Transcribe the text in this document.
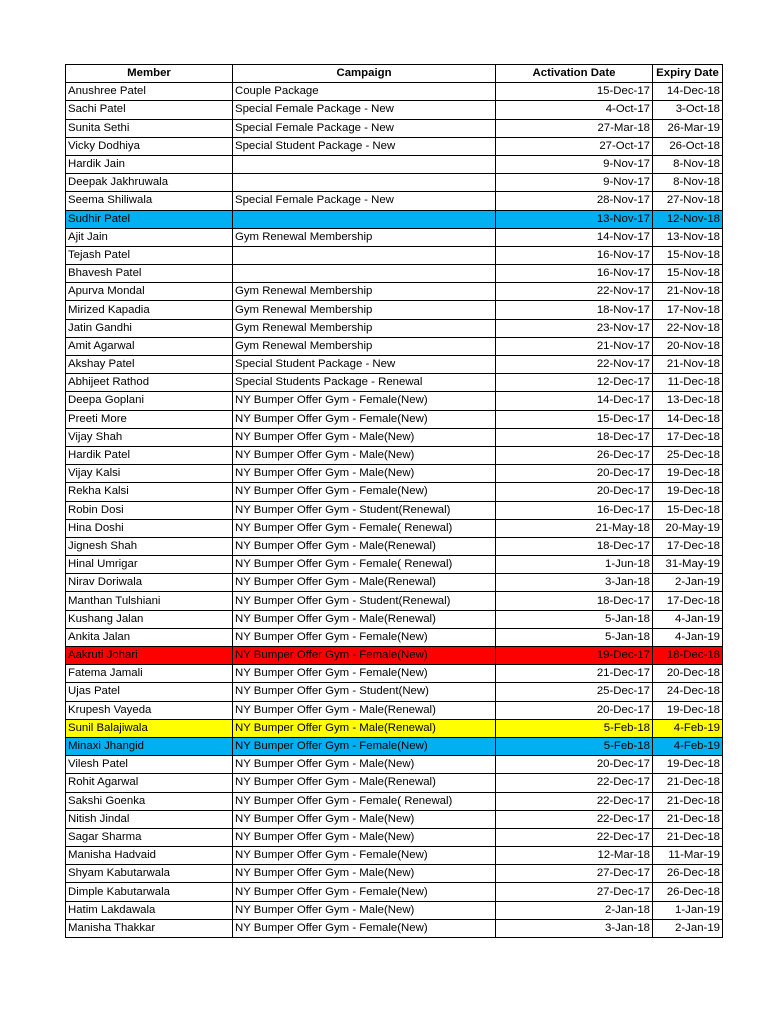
Member	Campaign	Activation Date	Expiry Date
Anushree Patel	Couple Package	15-Dec-17	14-Dec-18
Sachi Patel	Special Female Package - New	4-Oct-17	3-Oct-18
Sunita Sethi	Special Female Package - New	27-Mar-18	26-Mar-19
Vicky Dodhiya	Special Student Package - New	27-Oct-17	26-Oct-18
Hardik Jain		9-Nov-17	8-Nov-18
Deepak Jakhruwala		9-Nov-17	8-Nov-18
Seema Shiliwala	Special Female Package - New	28-Nov-17	27-Nov-18
Sudhir Patel		13-Nov-17	12-Nov-18
Ajit Jain	Gym Renewal Membership	14-Nov-17	13-Nov-18
Tejash Patel		16-Nov-17	15-Nov-18
Bhavesh Patel		16-Nov-17	15-Nov-18
Apurva Mondal	Gym Renewal Membership	22-Nov-17	21-Nov-18
Mirized Kapadia	Gym Renewal Membership	18-Nov-17	17-Nov-18
Jatin Gandhi	Gym Renewal Membership	23-Nov-17	22-Nov-18
Amit Agarwal	Gym Renewal Membership	21-Nov-17	20-Nov-18
Akshay Patel	Special Student Package - New	22-Nov-17	21-Nov-18
Abhijeet Rathod	Special Students Package - Renewal	12-Dec-17	11-Dec-18
Deepa Goplani	NY Bumper Offer Gym - Female(New)	14-Dec-17	13-Dec-18
Preeti More	NY Bumper Offer Gym - Female(New)	15-Dec-17	14-Dec-18
Vijay Shah	NY Bumper Offer Gym - Male(New)	18-Dec-17	17-Dec-18
Hardik Patel	NY Bumper Offer Gym - Male(New)	26-Dec-17	25-Dec-18
Vijay Kalsi	NY Bumper Offer Gym - Male(New)	20-Dec-17	19-Dec-18
Rekha Kalsi	NY Bumper Offer Gym - Female(New)	20-Dec-17	19-Dec-18
Robin Dosi	NY Bumper Offer Gym - Student(Renewal)	16-Dec-17	15-Dec-18
Hina Doshi	NY Bumper Offer Gym - Female( Renewal)	21-May-18	20-May-19
Jignesh Shah	NY Bumper Offer Gym - Male(Renewal)	18-Dec-17	17-Dec-18
Hinal Umrigar	NY Bumper Offer Gym - Female( Renewal)	1-Jun-18	31-May-19
Nirav Doriwala	NY Bumper Offer Gym - Male(Renewal)	3-Jan-18	2-Jan-19
Manthan Tulshiani	NY Bumper Offer Gym - Student(Renewal)	18-Dec-17	17-Dec-18
Kushang Jalan	NY Bumper Offer Gym - Male(Renewal)	5-Jan-18	4-Jan-19
Ankita Jalan	NY Bumper Offer Gym - Female(New)	5-Jan-18	4-Jan-19
Aakruti Johari	NY Bumper Offer Gym - Female(New)	19-Dec-17	18-Dec-18
Fatema Jamali	NY Bumper Offer Gym - Female(New)	21-Dec-17	20-Dec-18
Ujas Patel	NY Bumper Offer Gym - Student(New)	25-Dec-17	24-Dec-18
Krupesh Vayeda	NY Bumper Offer Gym - Male(Renewal)	20-Dec-17	19-Dec-18
Sunil Balajiwala	NY Bumper Offer Gym - Male(Renewal)	5-Feb-18	4-Feb-19
Minaxi Jhangid	NY Bumper Offer Gym - Female(New)	5-Feb-18	4-Feb-19
Vilesh Patel	NY Bumper Offer Gym - Male(New)	20-Dec-17	19-Dec-18
Rohit Agarwal	NY Bumper Offer Gym - Male(Renewal)	22-Dec-17	21-Dec-18
Sakshi Goenka	NY Bumper Offer Gym - Female( Renewal)	22-Dec-17	21-Dec-18
Nitish Jindal	NY Bumper Offer Gym - Male(New)	22-Dec-17	21-Dec-18
Sagar Sharma	NY Bumper Offer Gym - Male(New)	22-Dec-17	21-Dec-18
Manisha Hadvaid	NY Bumper Offer Gym - Female(New)	12-Mar-18	11-Mar-19
Shyam Kabutarwala	NY Bumper Offer Gym - Male(New)	27-Dec-17	26-Dec-18
Dimple Kabutarwala	NY Bumper Offer Gym - Female(New)	27-Dec-17	26-Dec-18
Hatim Lakdawala	NY Bumper Offer Gym - Male(New)	2-Jan-18	1-Jan-19
Manisha Thakkar	NY Bumper Offer Gym - Female(New)	3-Jan-18	2-Jan-19
